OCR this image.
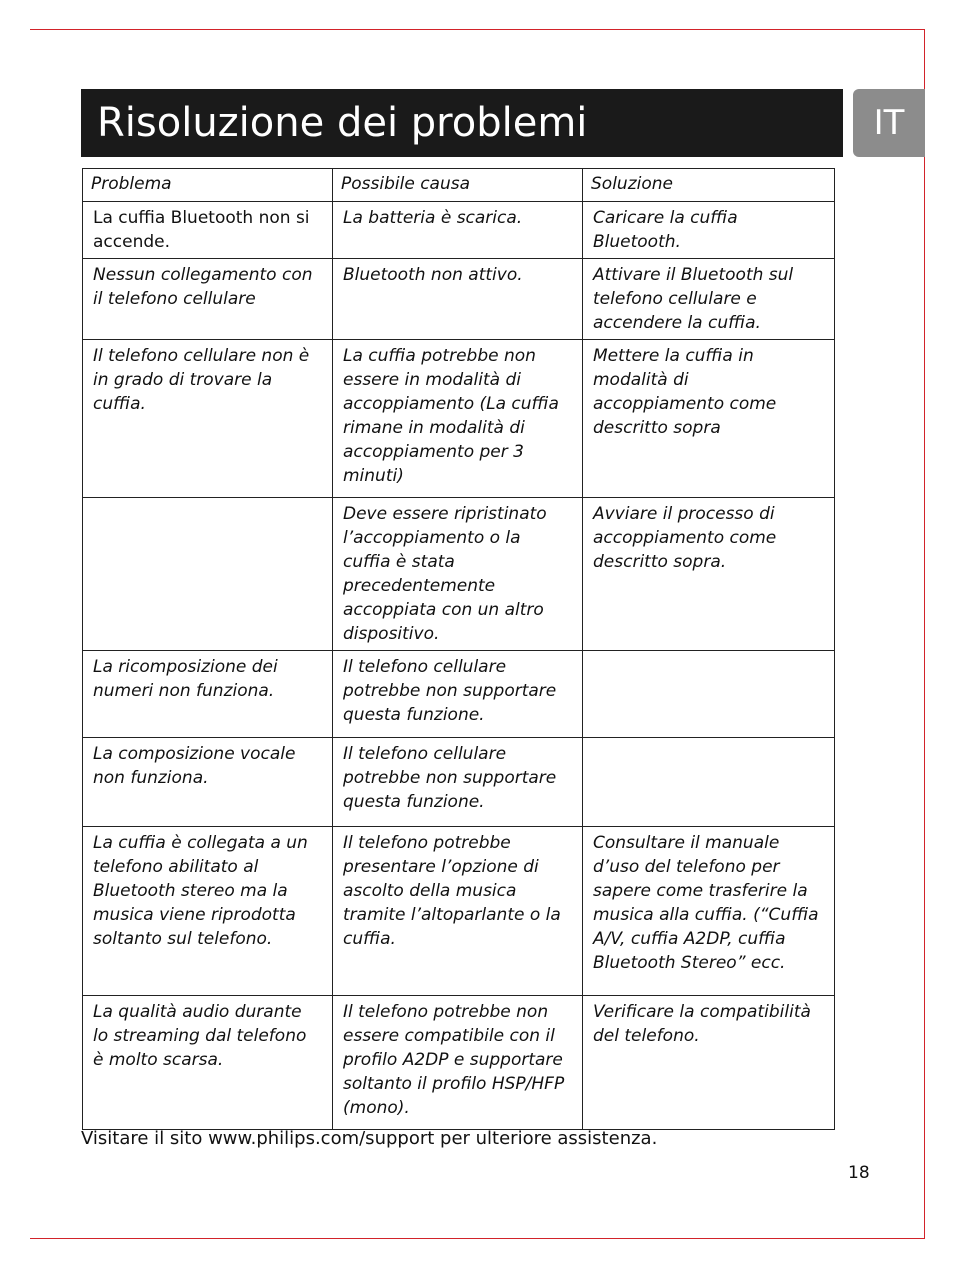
Risoluzione dei problemi	IT
Problema	Possibile causa	Soluzione
La cuffia Bluetooth non si accende.	La batteria è scarica.	Caricare la cuffia Bluetooth.
Nessun collegamento con il telefono cellulare	Bluetooth non attivo.	Attivare il Bluetooth sul telefono cellulare e accendere la cuffia.
Il telefono cellulare non è in grado di trovare la cuffia.	La cuffia potrebbe non essere in modalità di accoppiamento (La cuffia rimane in modalità di accoppiamento per 3 minuti)	Mettere la cuffia in modalità di accoppiamento come descritto sopra
	Deve essere ripristinato l’accoppiamento o la cuffia è stata precedentemente accoppiata con un altro dispositivo.	Avviare il processo di accoppiamento come descritto sopra.
La ricomposizione dei numeri non funziona.	Il telefono cellulare potrebbe non supportare questa funzione.	
La composizione vocale non funziona.	Il telefono cellulare potrebbe non supportare questa funzione.	
La cuffia è collegata a un telefono abilitato al Bluetooth stereo ma la musica viene riprodotta soltanto sul telefono.	Il telefono potrebbe presentare l’opzione di ascolto della musica tramite l’altoparlante o la cuffia.	Consultare il manuale d’uso del telefono per sapere come trasferire la musica alla cuffia. (“Cuffia A/V, cuffia A2DP, cuffia Bluetooth Stereo” ecc.
La qualità audio durante lo streaming dal telefono è molto scarsa.	Il telefono potrebbe non essere compatibile con il profilo A2DP e supportare soltanto il profilo HSP/HFP (mono).	Verificare la compatibilità del telefono.
Visitare il sito www.philips.com/support per ulteriore assistenza.
18
